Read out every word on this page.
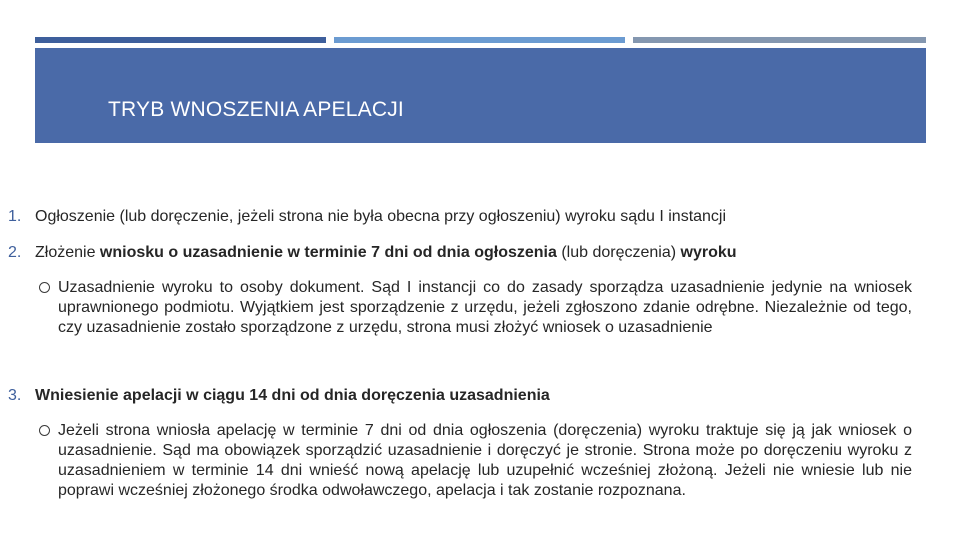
TRYB WNOSZENIA APELACJI
1. Ogłoszenie (lub doręczenie, jeżeli strona nie była obecna przy ogłoszeniu) wyroku sądu I instancji
2. Złożenie wniosku o uzasadnienie w terminie 7 dni od dnia ogłoszenia (lub doręczenia) wyroku
Uzasadnienie wyroku to osoby dokument. Sąd I instancji co do zasady sporządza uzasadnienie jedynie na wniosek uprawnionego podmiotu. Wyjątkiem jest sporządzenie z urzędu, jeżeli zgłoszono zdanie odrębne. Niezależnie od tego, czy uzasadnienie zostało sporządzone z urzędu, strona musi złożyć wniosek o uzasadnienie
3. Wniesienie apelacji w ciągu 14 dni od dnia doręczenia uzasadnienia
Jeżeli strona wniosła apelację w terminie 7 dni od dnia ogłoszenia (doręczenia) wyroku traktuje się ją jak wniosek o uzasadnienie. Sąd ma obowiązek sporządzić uzasadnienie i doręczyć je stronie. Strona może po doręczeniu wyroku z uzasadnieniem w terminie 14 dni wnieść nową apelację lub uzupełnić wcześniej złożoną. Jeżeli nie wniesie lub nie poprawi wcześniej złożonego środka odwoławczego, apelacja i tak zostanie rozpoznana.
